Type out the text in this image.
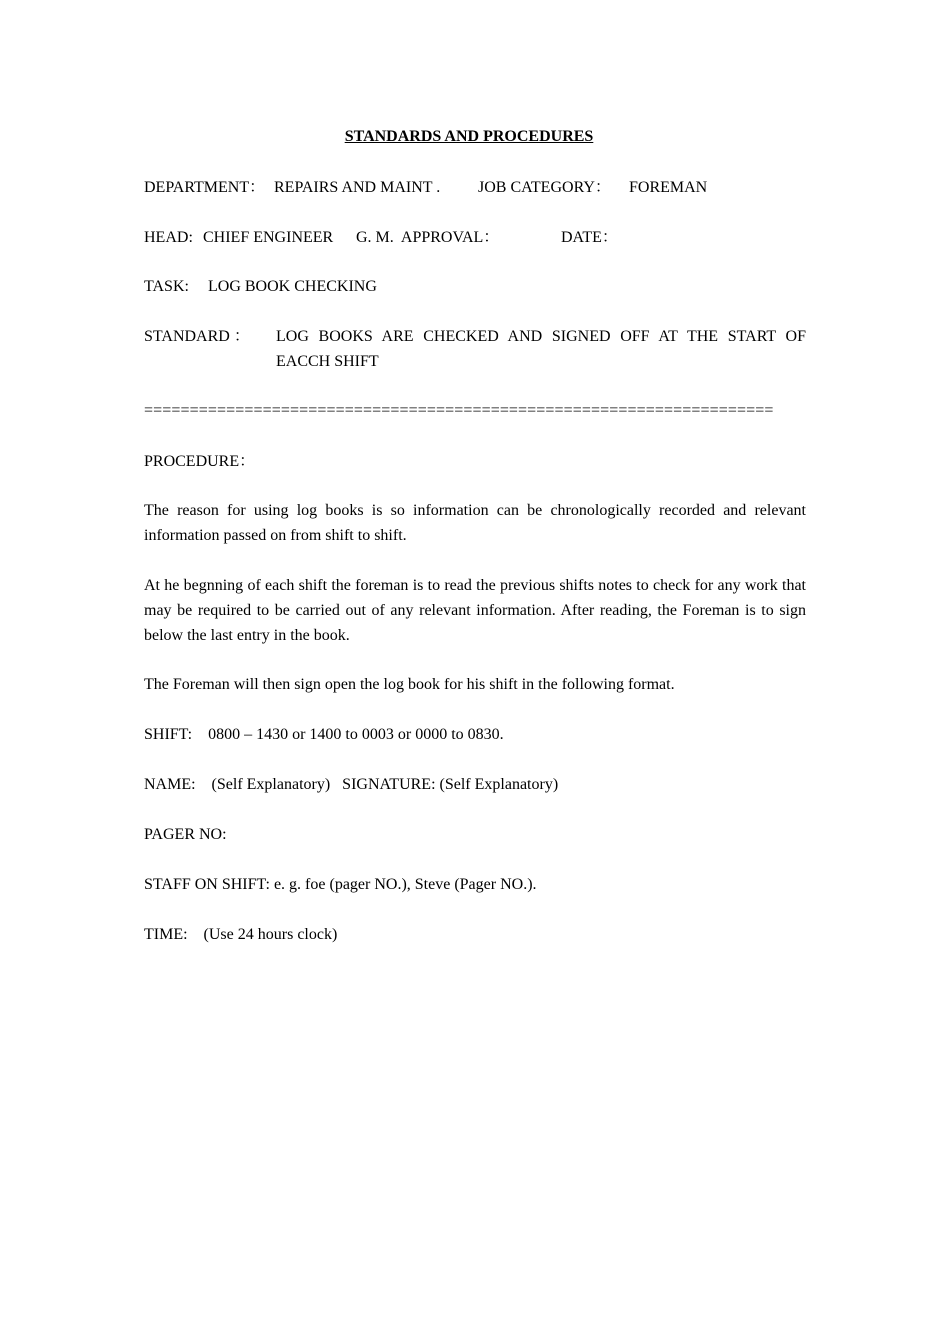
STANDARDS AND PROCEDURES
DEPARTMENT： REPAIRS AND MAINT . JOB CATEGORY： FOREMAN
HEAD: CHIEF ENGINEER G. M.  APPROVAL：	DATE：
TASK: LOG BOOK CHECKING
STANDARD ： LOG BOOKS ARE CHECKED AND SIGNED OFF AT THE START OF EACCH SHIFT
=====================================================================
PROCEDURE：
The reason for using log books is so information can be chronologically recorded and relevant information passed on from shift to shift.
At he begnning of each shift the foreman is to read the previous shifts notes to check for any work that may be required to be carried out of any relevant information. After reading, the Foreman is to sign below the last entry in the book.
The Foreman will then sign open the log book for his shift in the following format.
SHIFT:    0800 – 1430 or 1400 to 0003 or 0000 to 0830.
NAME:    (Self Explanatory)   SIGNATURE: (Self Explanatory)
PAGER NO:
STAFF ON SHIFT: e. g. foe (pager NO.), Steve (Pager NO.).
TIME:    (Use 24 hours clock)
